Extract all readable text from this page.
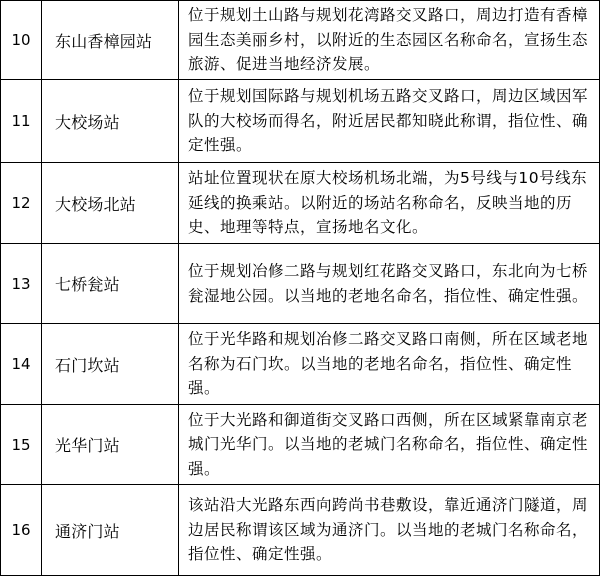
10	东山香樟园站	位于规划土山路与规划花湾路交叉路口，周边打造有香樟园生态美丽乡村，以附近的生态园区名称命名，宣扬生态旅游、促进当地经济发展。
11	大校场站	位于规划国际路与规划机场五路交叉路口，周边区域因军队的大校场而得名，附近居民都知晓此称谓，指位性、确定性强。
12	大校场北站	站址位置现状在原大校场机场北端，为5号线与10号线东延线的换乘站。以附近的场站名称命名，反映当地的历史、地理等特点，宣扬地名文化。
13	七桥瓮站	位于规划冶修二路与规划红花路交叉路口，东北向为七桥瓮湿地公园。以当地的老地名命名，指位性、确定性强。
14	石门坎站	位于光华路和规划冶修二路交叉路口南侧，所在区域老地名称为石门坎。以当地的老地名命名，指位性、确定性强。
15	光华门站	位于大光路和御道街交叉路口西侧，所在区域紧靠南京老城门光华门。以当地的老城门名称命名，指位性、确定性强。
16	通济门站	该站沿大光路东西向跨尚书巷敷设，靠近通济门隧道，周边居民称谓该区域为通济门。以当地的老城门名称命名，指位性、确定性强。
